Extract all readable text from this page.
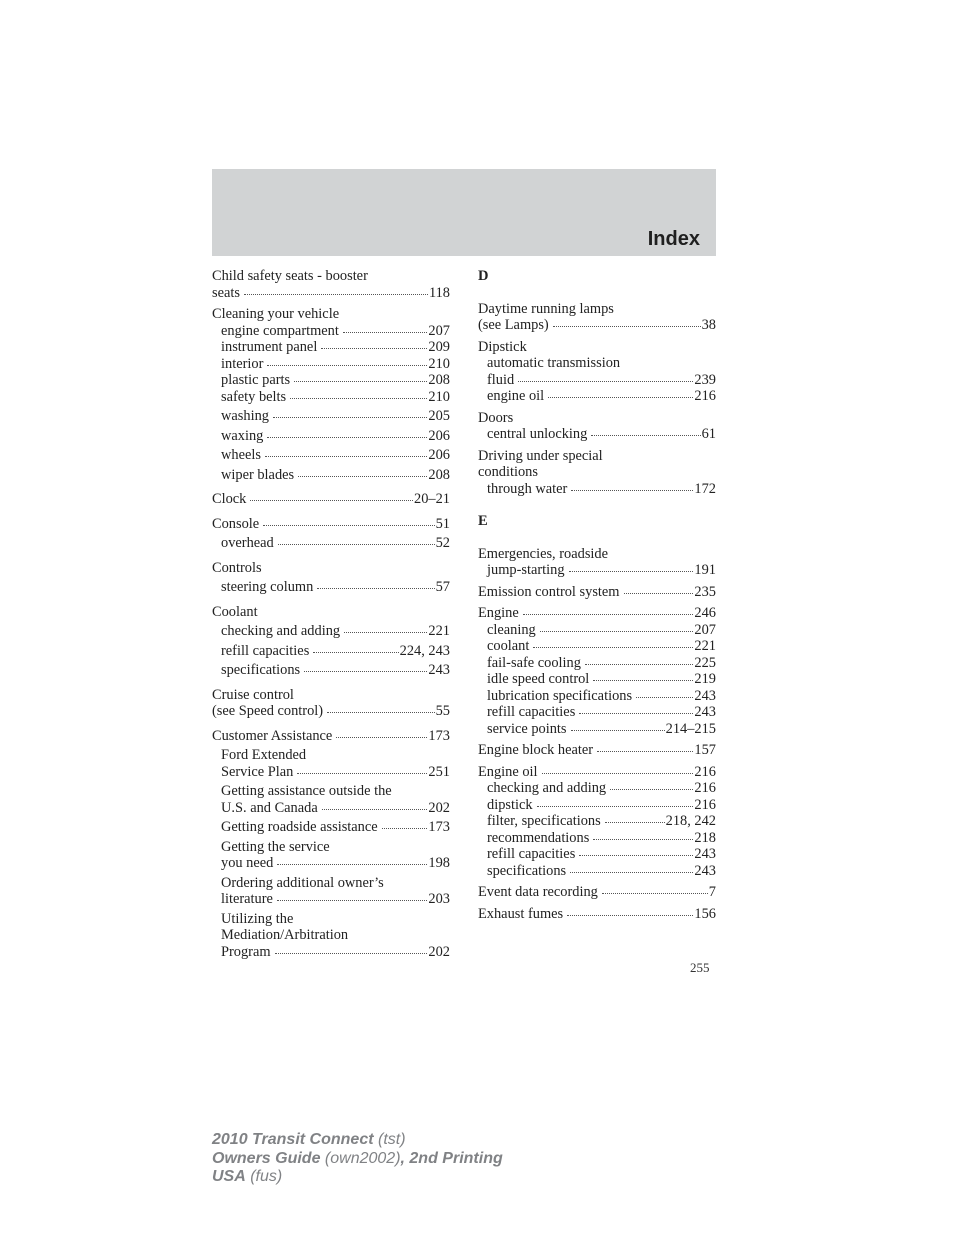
Index
Child safety seats - booster
seats	118
Cleaning your vehicle
engine compartment	207
instrument panel	209
interior	210
plastic parts	208
safety belts	210
washing	205
waxing	206
wheels	206
wiper blades	208
Clock	20–21
Console	51
overhead	52
Controls
steering column	57
Coolant
checking and adding	221
refill capacities	224, 243
specifications	243
Cruise control
(see Speed control)	55
Customer Assistance	173
Ford Extended
Service Plan	251
Getting assistance outside the
U.S. and Canada	202
Getting roadside assistance	173
Getting the service
you need	198
Ordering additional owner’s
literature	203
Utilizing the
Mediation/Arbitration
Program	202
D
Daytime running lamps
(see Lamps)	38
Dipstick
automatic transmission
fluid	239
engine oil	216
Doors
central unlocking	61
Driving under special
conditions
through water	172
E
Emergencies, roadside
jump-starting	191
Emission control system	235
Engine	246
cleaning	207
coolant	221
fail-safe cooling	225
idle speed control	219
lubrication specifications	243
refill capacities	243
service points	214–215
Engine block heater	157
Engine oil	216
checking and adding	216
dipstick	216
filter, specifications	218, 242
recommendations	218
refill capacities	243
specifications	243
Event data recording	7
Exhaust fumes	156
255
2010 Transit Connect (tst)
Owners Guide (own2002), 2nd Printing
USA (fus)
